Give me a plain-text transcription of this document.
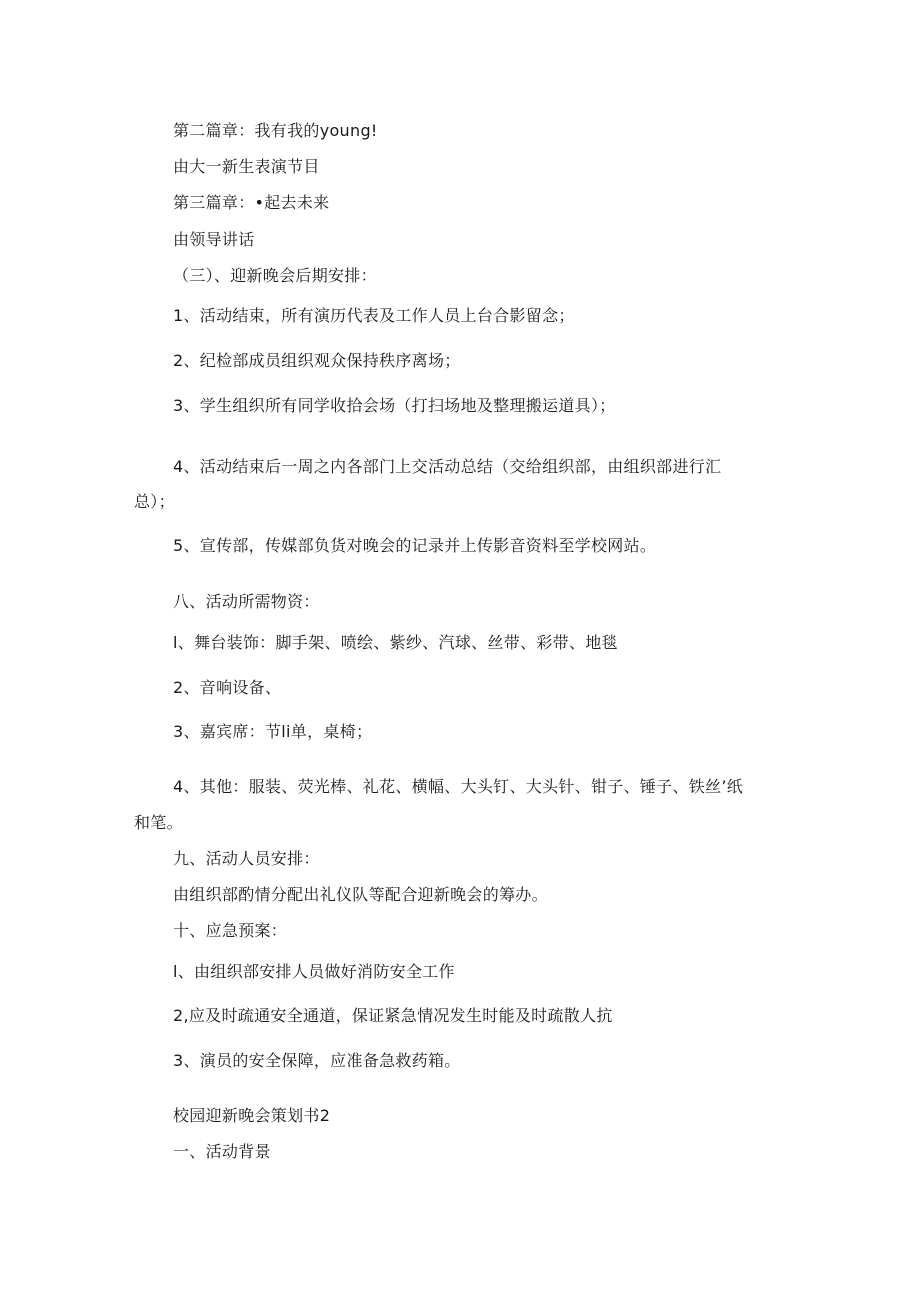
第二篇章：我有我的young!
由大一新生表演节目
第三篇章：•起去未来
由领导讲话
（三）、迎新晚会后期安排：
1、活动结束，所有演历代表及工作人员上台合影留念；
2、纪检部成员组织观众保持秩序离场；
3、学生组织所有同学收拾会场（打扫场地及整理搬运道具）；
4、活动结束后一周之内各部门上交活动总结（交给组织部，由组织部进行汇
总）；
5、宣传部，传媒部负货对晚会的记录并上传影音资料至学校网站。
八、活动所需物资：
l、舞台装饰：脚手架、喷绘、紫纱、汽球、丝带、彩带、地毯
2、音响设备、
3、嘉宾席：节li单，桌椅；
4、其他：服装、荧光棒、礼花、横幅、大头钉、大头针、钳子、锤子、铁丝’纸
和笔。
九、活动人员安排：
由组织部酌情分配出礼仪队等配合迎新晚会的筹办。
十、应急预案：
l、由组织部安排人员做好消防安全工作
2,应及时疏通安全通道，保证紧急情况发生时能及时疏散人抗
3、演员的安全保障，应准备急救药箱。
校园迎新晚会策划书2
一、活动背景
